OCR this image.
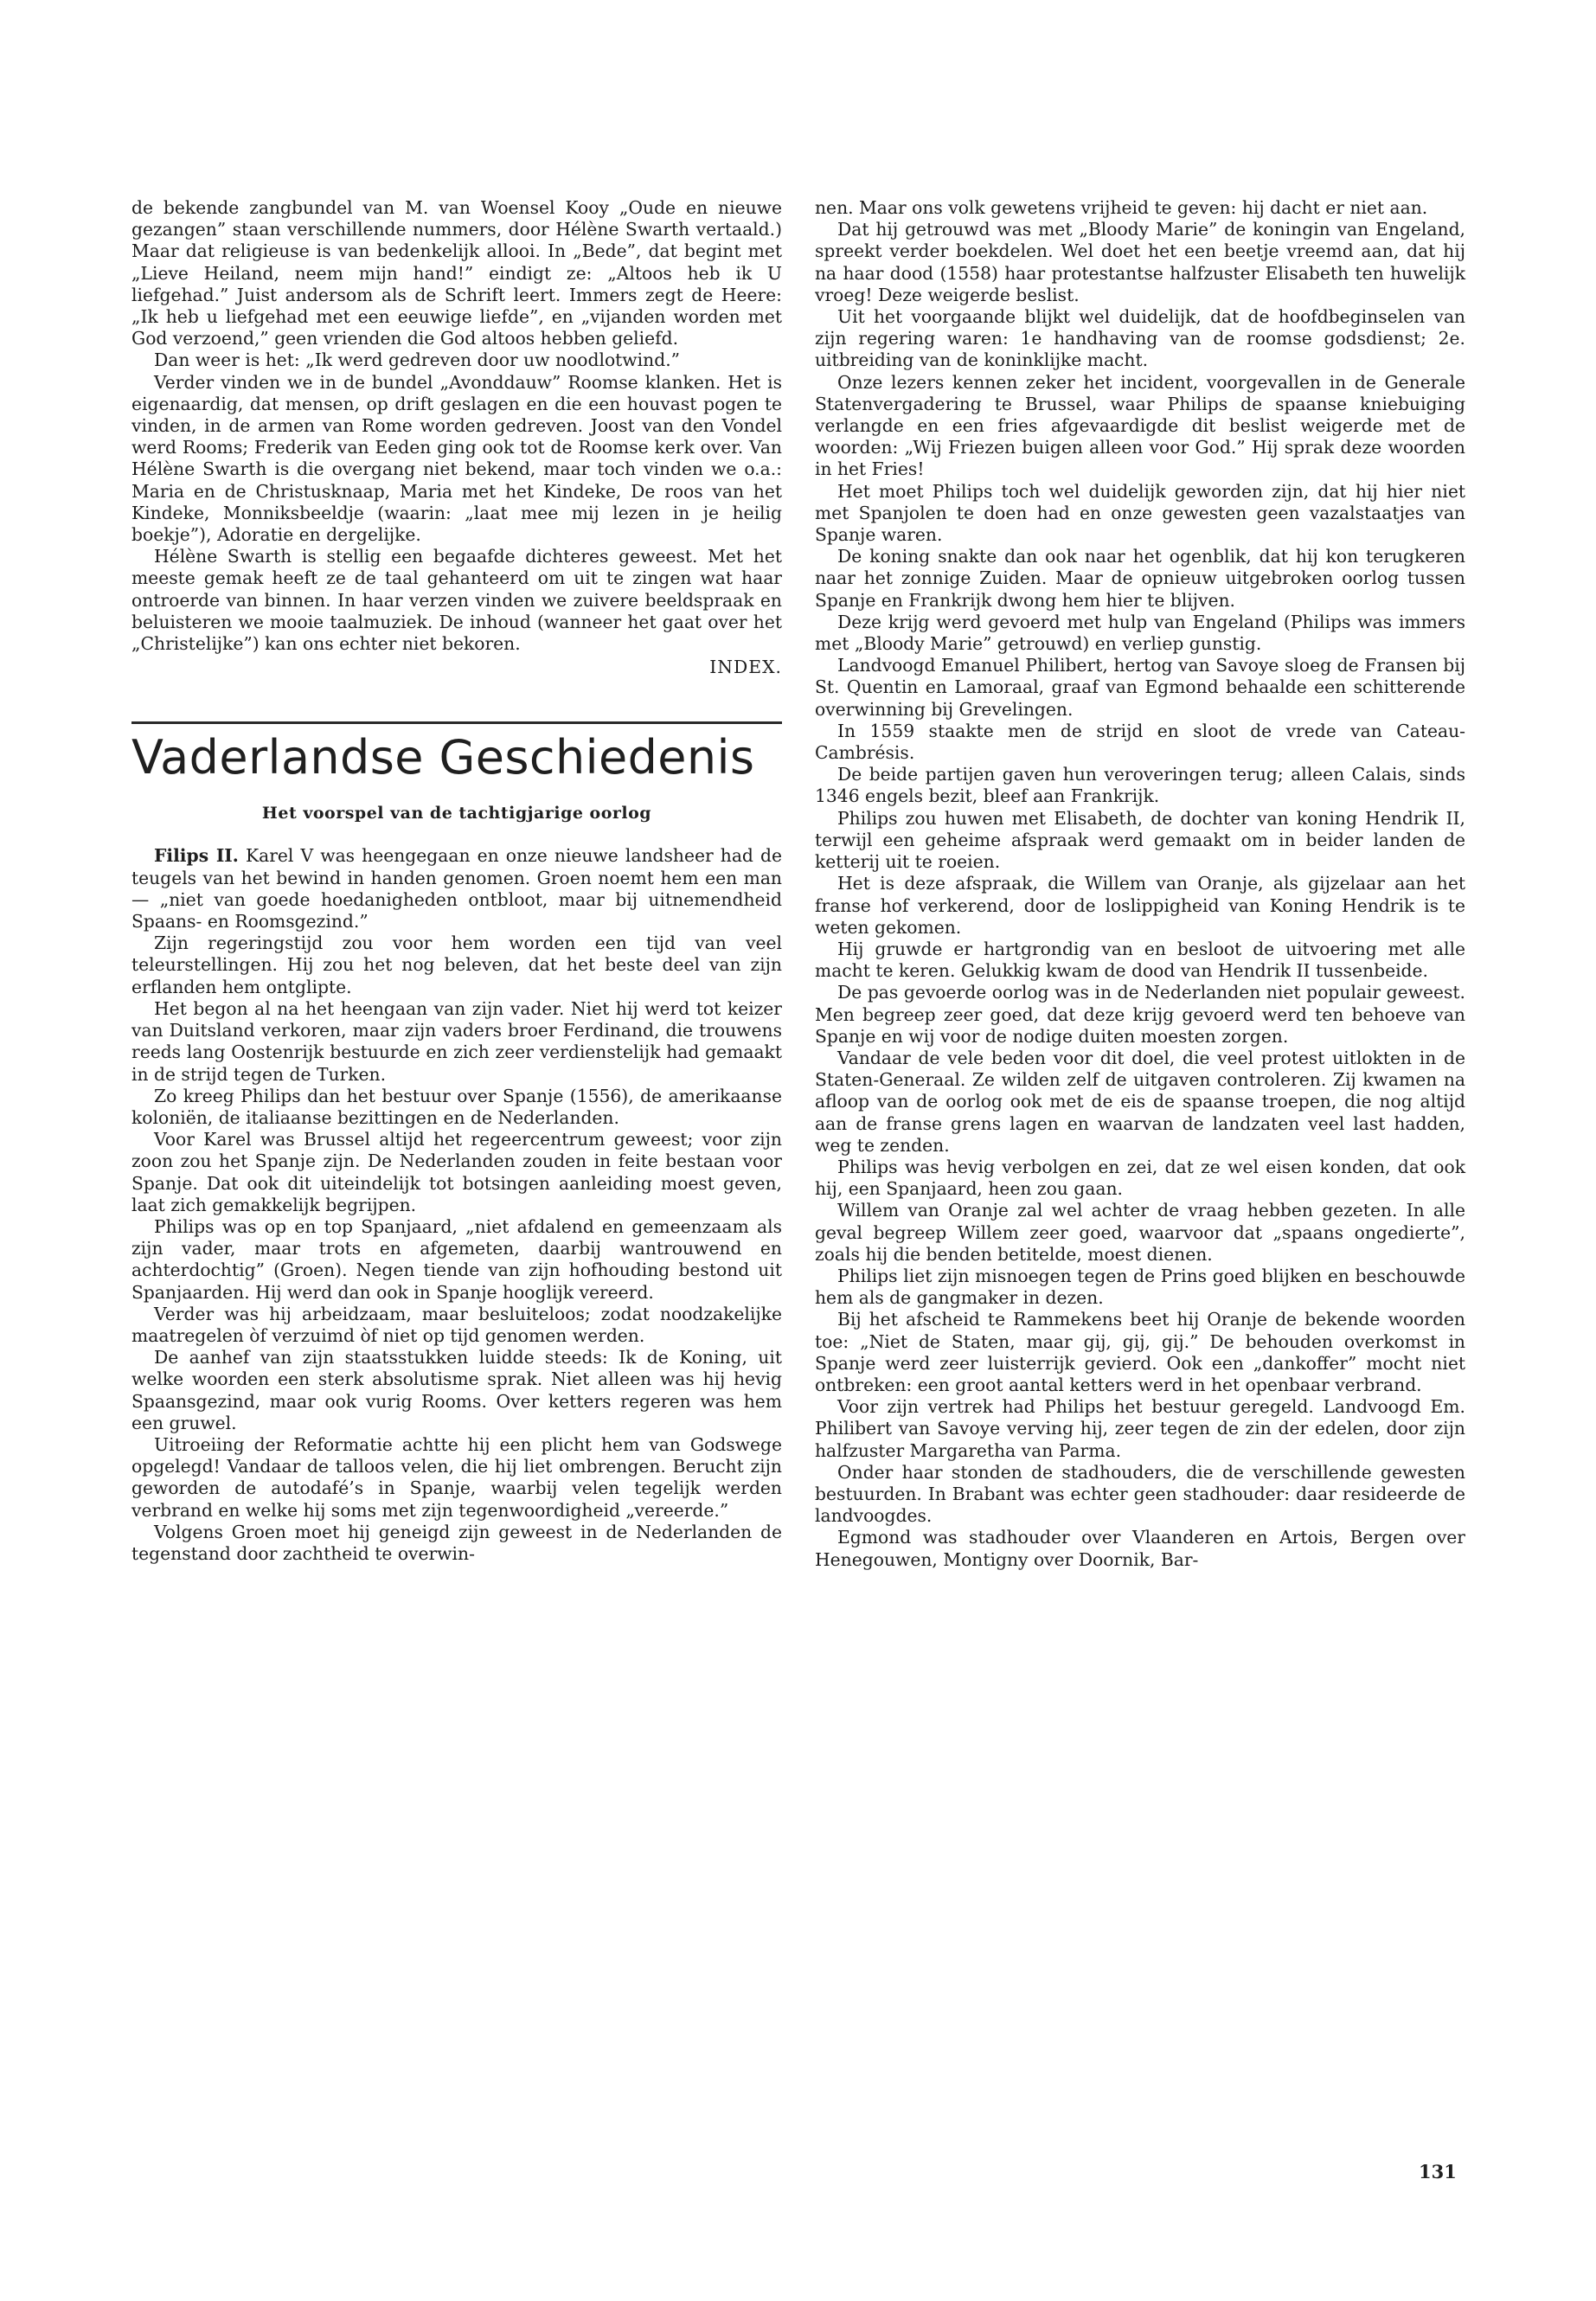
de bekende zangbundel van M. van Woensel Kooy „Oude en nieuwe gezangen” staan verschillende nummers, door Hélène Swarth vertaald.) Maar dat religieuse is van bedenkelijk allooi. In „Bede”, dat begint met „Lieve Heiland, neem mijn hand!” eindigt ze: „Altoos heb ik U liefgehad.” Juist andersom als de Schrift leert. Immers zegt de Heere: „Ik heb u liefgehad met een eeuwige liefde”, en „vijanden worden met God verzoend,” geen vrienden die God altoos hebben geliefd.

Dan weer is het: „Ik werd gedreven door uw noodlotwind.”

Verder vinden we in de bundel „Avonddauw” Roomse klanken. Het is eigenaardig, dat mensen, op drift geslagen en die een houvast pogen te vinden, in de armen van Rome worden gedreven. Joost van den Vondel werd Rooms; Frederik van Eeden ging ook tot de Roomse kerk over. Van Hélène Swarth is die overgang niet bekend, maar toch vinden we o.a.: Maria en de Christusknaap, Maria met het Kindeke, De roos van het Kindeke, Monniksbeeldje (waarin: „laat mee mij lezen in je heilig boekje”), Adoratie en dergelijke.

Hélène Swarth is stellig een begaafde dichteres geweest. Met het meeste gemak heeft ze de taal gehanteerd om uit te zingen wat haar ontroerde van binnen. In haar verzen vinden we zuivere beeldspraak en beluisteren we mooie taalmuziek. De inhoud (wanneer het gaat over het „Christelijke”) kan ons echter niet bekoren.

INDEX.
Vaderlandse Geschiedenis
Het voorspel van de tachtigjarige oorlog

Filips II. Karel V was heengegaan en onze nieuwe landsheer had de teugels van het bewind in handen genomen. Groen noemt hem een man — „niet van goede hoedanigheden ontbloot, maar bij uitnemendheid Spaans- en Roomsgezind.”

Zijn regeringstijd zou voor hem worden een tijd van veel teleurstellingen. Hij zou het nog beleven, dat het beste deel van zijn erflanden hem ontglipte.

Het begon al na het heengaan van zijn vader. Niet hij werd tot keizer van Duitsland verkoren, maar zijn vaders broer Ferdinand, die trouwens reeds lang Oostenrijk bestuurde en zich zeer verdienstelijk had gemaakt in de strijd tegen de Turken.

Zo kreeg Philips dan het bestuur over Spanje (1556), de amerikaanse koloniën, de italiaanse bezittingen en de Nederlanden.

Voor Karel was Brussel altijd het regeercentrum geweest; voor zijn zoon zou het Spanje zijn. De Nederlanden zouden in feite bestaan voor Spanje. Dat ook dit uiteindelijk tot botsingen aanleiding moest geven, laat zich gemakkelijk begrijpen.

Philips was op en top Spanjaard, „niet afdalend en gemeenzaam als zijn vader, maar trots en afgemeten, daarbij wantrouwend en achterdochtig” (Groen). Negen tiende van zijn hofhouding bestond uit Spanjaarden. Hij werd dan ook in Spanje hooglijk vereerd.

Verder was hij arbeidzaam, maar besluiteloos; zodat noodzakelijke maatregelen òf verzuimd òf niet op tijd genomen werden.

De aanhef van zijn staatsstukken luidde steeds: Ik de Koning, uit welke woorden een sterk absolutisme sprak. Niet alleen was hij hevig Spaansgezind, maar ook vurig Rooms. Over ketters regeren was hem een gruwel.

Uitroeiing der Reformatie achtte hij een plicht hem van Godswege opgelegd! Vandaar de talloos velen, die hij liet ombrengen. Berucht zijn geworden de autodafé’s in Spanje, waarbij velen tegelijk werden verbrand en welke hij soms met zijn tegenwoordigheid „vereerde.”

Volgens Groen moet hij geneigd zijn geweest in de Nederlanden de tegenstand door zachtheid te overwin-

nen. Maar ons volk gewetens vrijheid te geven: hij dacht er niet aan.

Dat hij getrouwd was met „Bloody Marie” de koningin van Engeland, spreekt verder boekdelen. Wel doet het een beetje vreemd aan, dat hij na haar dood (1558) haar protestantse halfzuster Elisabeth ten huwelijk vroeg! Deze weigerde beslist.

Uit het voorgaande blijkt wel duidelijk, dat de hoofdbeginselen van zijn regering waren: 1e handhaving van de roomse godsdienst; 2e. uitbreiding van de koninklijke macht.

Onze lezers kennen zeker het incident, voorgevallen in de Generale Statenvergadering te Brussel, waar Philips de spaanse kniebuiging verlangde en een fries afgevaardigde dit beslist weigerde met de woorden: „Wij Friezen buigen alleen voor God.” Hij sprak deze woorden in het Fries!

Het moet Philips toch wel duidelijk geworden zijn, dat hij hier niet met Spanjolen te doen had en onze gewesten geen vazalstaatjes van Spanje waren.

De koning snakte dan ook naar het ogenblik, dat hij kon terugkeren naar het zonnige Zuiden. Maar de opnieuw uitgebroken oorlog tussen Spanje en Frankrijk dwong hem hier te blijven.

Deze krijg werd gevoerd met hulp van Engeland (Philips was immers met „Bloody Marie” getrouwd) en verliep gunstig.

Landvoogd Emanuel Philibert, hertog van Savoye sloeg de Fransen bij St. Quentin en Lamoraal, graaf van Egmond behaalde een schitterende overwinning bij Grevelingen.

In 1559 staakte men de strijd en sloot de vrede van Cateau-Cambrésis.

De beide partijen gaven hun veroveringen terug; alleen Calais, sinds 1346 engels bezit, bleef aan Frankrijk.

Philips zou huwen met Elisabeth, de dochter van koning Hendrik II, terwijl een geheime afspraak werd gemaakt om in beider landen de ketterij uit te roeien.

Het is deze afspraak, die Willem van Oranje, als gijzelaar aan het franse hof verkerend, door de loslippigheid van Koning Hendrik is te weten gekomen.

Hij gruwde er hartgrondig van en besloot de uitvoering met alle macht te keren. Gelukkig kwam de dood van Hendrik II tussenbeide.

De pas gevoerde oorlog was in de Nederlanden niet populair geweest. Men begreep zeer goed, dat deze krijg gevoerd werd ten behoeve van Spanje en wij voor de nodige duiten moesten zorgen.

Vandaar de vele beden voor dit doel, die veel protest uitlokten in de Staten-Generaal. Ze wilden zelf de uitgaven controleren. Zij kwamen na afloop van de oorlog ook met de eis de spaanse troepen, die nog altijd aan de franse grens lagen en waarvan de landzaten veel last hadden, weg te zenden.

Philips was hevig verbolgen en zei, dat ze wel eisen konden, dat ook hij, een Spanjaard, heen zou gaan.

Willem van Oranje zal wel achter de vraag hebben gezeten. In alle geval begreep Willem zeer goed, waarvoor dat „spaans ongedierte”, zoals hij die benden betitelde, moest dienen.

Philips liet zijn misnoegen tegen de Prins goed blijken en beschouwde hem als de gangmaker in dezen.

Bij het afscheid te Rammekens beet hij Oranje de bekende woorden toe: „Niet de Staten, maar gij, gij, gij.” De behouden overkomst in Spanje werd zeer luisterrijk gevierd. Ook een „dankoffer” mocht niet ontbreken: een groot aantal ketters werd in het openbaar verbrand.

Voor zijn vertrek had Philips het bestuur geregeld. Landvoogd Em. Philibert van Savoye verving hij, zeer tegen de zin der edelen, door zijn halfzuster Margaretha van Parma.

Onder haar stonden de stadhouders, die de verschillende gewesten bestuurden. In Brabant was echter geen stadhouder: daar resideerde de landvoogdes.

Egmond was stadhouder over Vlaanderen en Artois, Bergen over Henegouwen, Montigny over Doornik, Bar-

131
